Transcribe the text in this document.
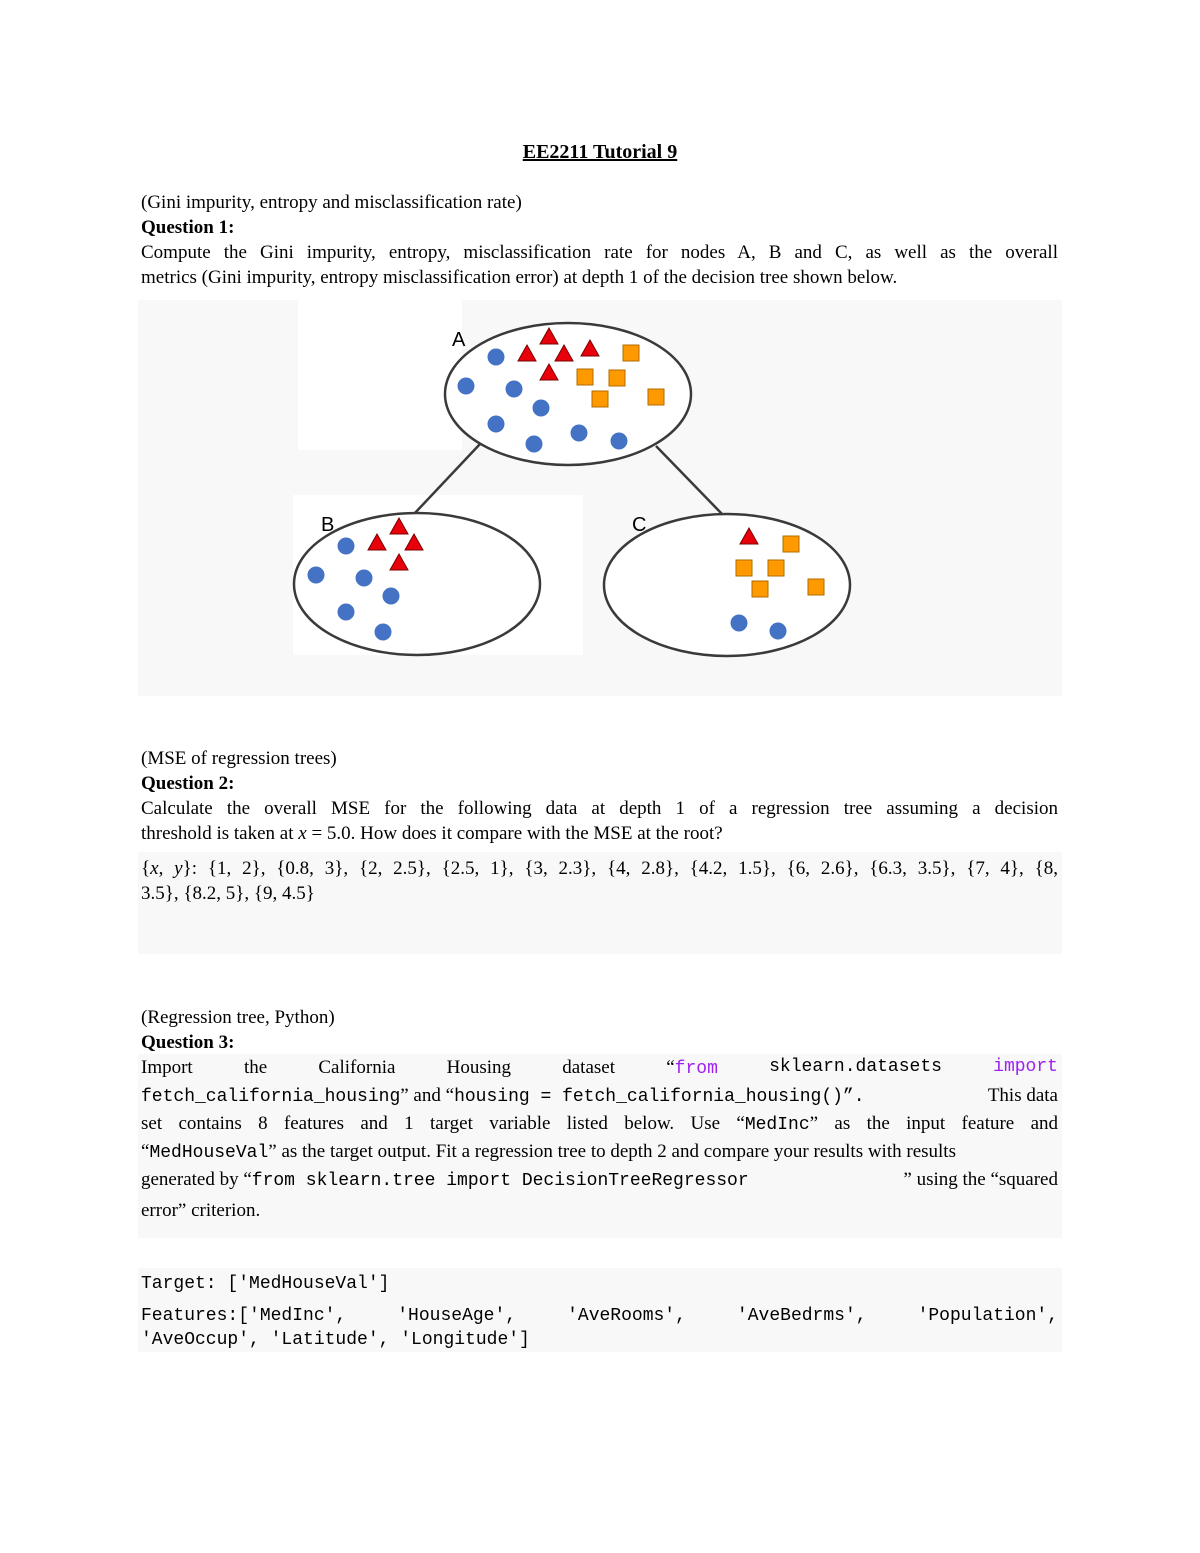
EE2211 Tutorial 9
(Gini impurity, entropy and misclassification rate)
Question 1:
Compute the Gini impurity, entropy, misclassification rate for nodes A, B and C, as well as the overall
metrics (Gini impurity, entropy misclassification error) at depth 1 of the decision tree shown below.
A
B	C
(MSE of regression trees)
Question 2:
Calculate the overall MSE for the following data at depth 1 of a regression tree assuming a decision
threshold is taken at x = 5.0. How does it compare with the MSE at the root?
{x, y}: {1, 2}, {0.8, 3}, {2, 2.5}, {2.5, 1}, {3, 2.3}, {4, 2.8}, {4.2, 1.5}, {6, 2.6}, {6.3, 3.5}, {7, 4}, {8,
3.5}, {8.2, 5}, {9, 4.5}
(Regression tree, Python)
Question 3:
Import	the	California	Housing	dataset	“from	sklearn.datasets	import
fetch_california_housing” and “housing = fetch_california_housing()”.	This data
set contains 8 features and 1 target variable listed below. Use “MedInc” as the input feature and
“MedHouseVal” as the target output. Fit a regression tree to depth 2 and compare your results with results
generated by “from sklearn.tree import DecisionTreeRegressor	” using the “squared
error” criterion.
Target: ['MedHouseVal']
Features:['MedInc', 'HouseAge', 'AveRooms', 'AveBedrms', 'Population',
'AveOccup', 'Latitude', 'Longitude']
